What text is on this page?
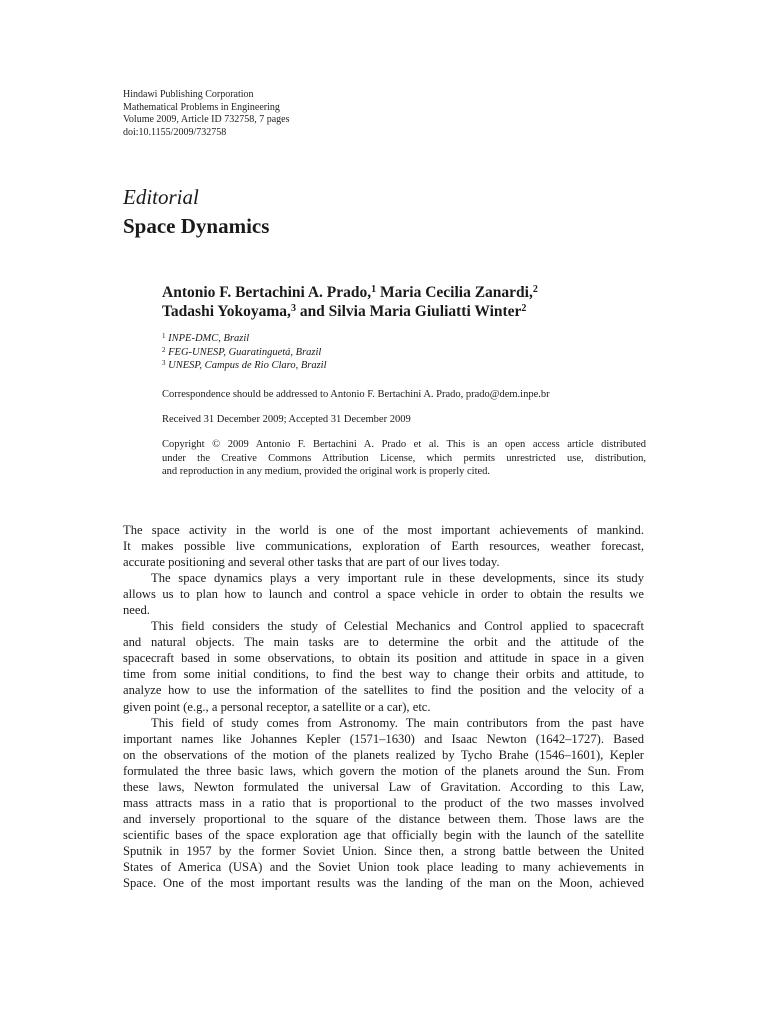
Hindawi Publishing Corporation
Mathematical Problems in Engineering
Volume 2009, Article ID 732758, 7 pages
doi:10.1155/2009/732758
Editorial
Space Dynamics
Antonio F. Bertachini A. Prado,$^1$ Maria Cecilia Zanardi,$^2$
Tadashi Yokoyama,$^3$ and Silvia Maria Giuliatti Winter$^2$
$^1$ INPE-DMC, Brazil
$^2$ FEG-UNESP, Guaratinguetá, Brazil
$^3$ UNESP, Campus de Rio Claro, Brazil
Correspondence should be addressed to Antonio F. Bertachini A. Prado, prado@dem.inpe.br
Received 31 December 2009; Accepted 31 December 2009
Copyright © 2009 Antonio F. Bertachini A. Prado et al. This is an open access article distributed
under the Creative Commons Attribution License, which permits unrestricted use, distribution,
and reproduction in any medium, provided the original work is properly cited.

The space activity in the world is one of the most important achievements of mankind.
It makes possible live communications, exploration of Earth resources, weather forecast,
accurate positioning and several other tasks that are part of our lives today.

The space dynamics plays a very important rule in these developments, since its study
allows us to plan how to launch and control a space vehicle in order to obtain the results we
need.

This field considers the study of Celestial Mechanics and Control applied to spacecraft
and natural objects. The main tasks are to determine the orbit and the attitude of the
spacecraft based in some observations, to obtain its position and attitude in space in a given
time from some initial conditions, to find the best way to change their orbits and attitude, to
analyze how to use the information of the satellites to find the position and the velocity of a
given point (e.g., a personal receptor, a satellite or a car), etc.

This field of study comes from Astronomy. The main contributors from the past have
important names like Johannes Kepler (1571–1630) and Isaac Newton (1642–1727). Based
on the observations of the motion of the planets realized by Tycho Brahe (1546–1601), Kepler
formulated the three basic laws, which govern the motion of the planets around the Sun. From
these laws, Newton formulated the universal Law of Gravitation. According to this Law,
mass attracts mass in a ratio that is proportional to the product of the two masses involved
and inversely proportional to the square of the distance between them. Those laws are the
scientific bases of the space exploration age that officially begin with the launch of the satellite
Sputnik in 1957 by the former Soviet Union. Since then, a strong battle between the United
States of America (USA) and the Soviet Union took place leading to many achievements in
Space. One of the most important results was the landing of the man on the Moon, achieved
